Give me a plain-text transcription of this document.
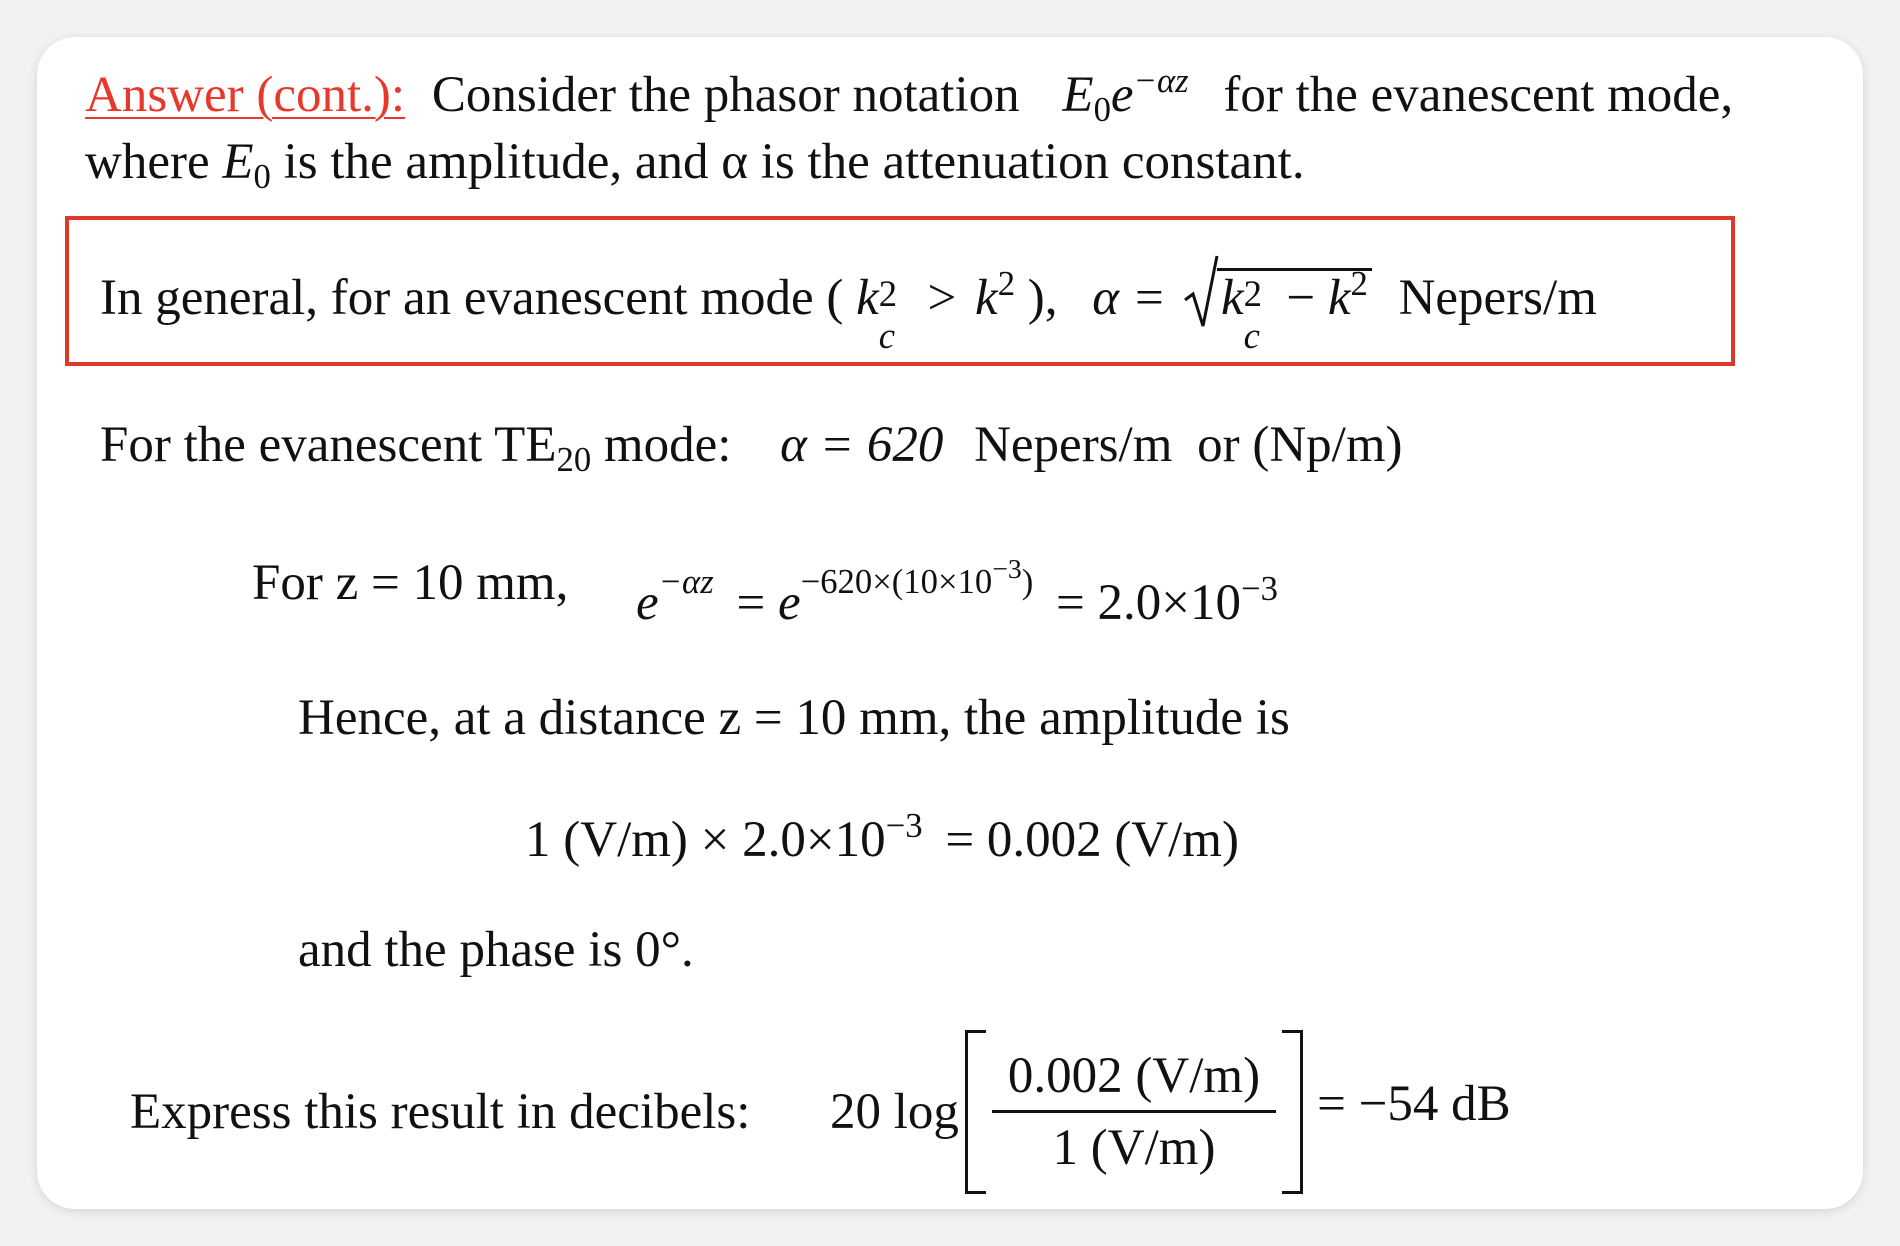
Answer (cont.): Consider the phasor notation $E_0e^{-\alpha z}$ for the evanescent mode,
where $E_0$ is the amplitude, and α is the attenuation constant.
In general, for an evanescent mode ( k 2
c
> $k^2$ ), α = k 2
c
− $k^2$ Nepers/m
For the evanescent $TE_{20}$ mode: α = 620 Nepers/m or (Np/m)
For z = 10 mm, $e^{-\alpha z} = e^{-620\times(10\times 10^{-3})} = 2.0\times 10^{-3}$
Hence, at a distance z = 10 mm, the amplitude is
1 $(V/m) \times 2.0\times 10^{-3} = 0.002$ (V/m)
and the phase is 0°.
Express this result in decibels: 20 $\log \frac{0.002 (V/m)}{1 (V/m)} = -54$ dB
